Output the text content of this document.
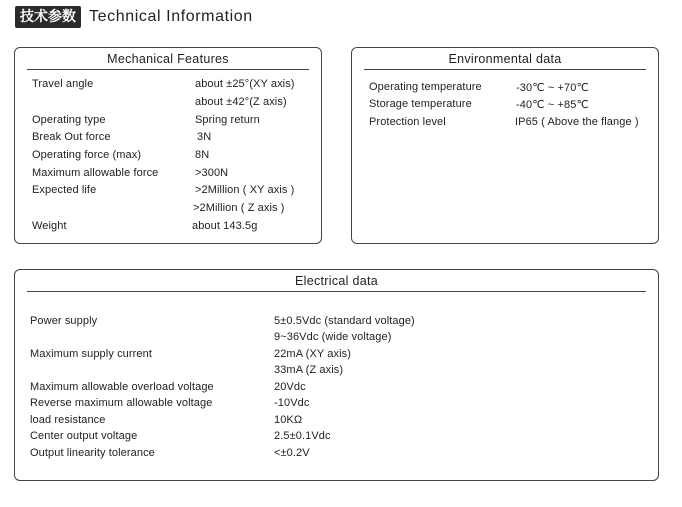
技术参数 Technical Information
Mechanical Features
Travel angle	about ±25°(XY axis)
about ±42°(Z axis)
Operating type	Spring return
Break Out force	3N
Operating force (max)	8N
Maximum allowable force	>300N
Expected life	>2Million ( XY axis )
>2Million ( Z axis )
Weight	about 143.5g
Environmental data
Operating temperature	-30℃ ~ +70℃
Storage temperature	-40℃ ~ +85℃
Protection level	IP65 ( Above the flange )
Electrical data
Power supply	5±0.5Vdc (standard voltage)
9~36Vdc (wide voltage)
Maximum supply current	22mA (XY axis)
33mA (Z axis)
Maximum allowable overload voltage	20Vdc
Reverse maximum allowable voltage	-10Vdc
load resistance	10KΩ
Center output voltage	2.5±0.1Vdc
Output linearity tolerance	<±0.2V
